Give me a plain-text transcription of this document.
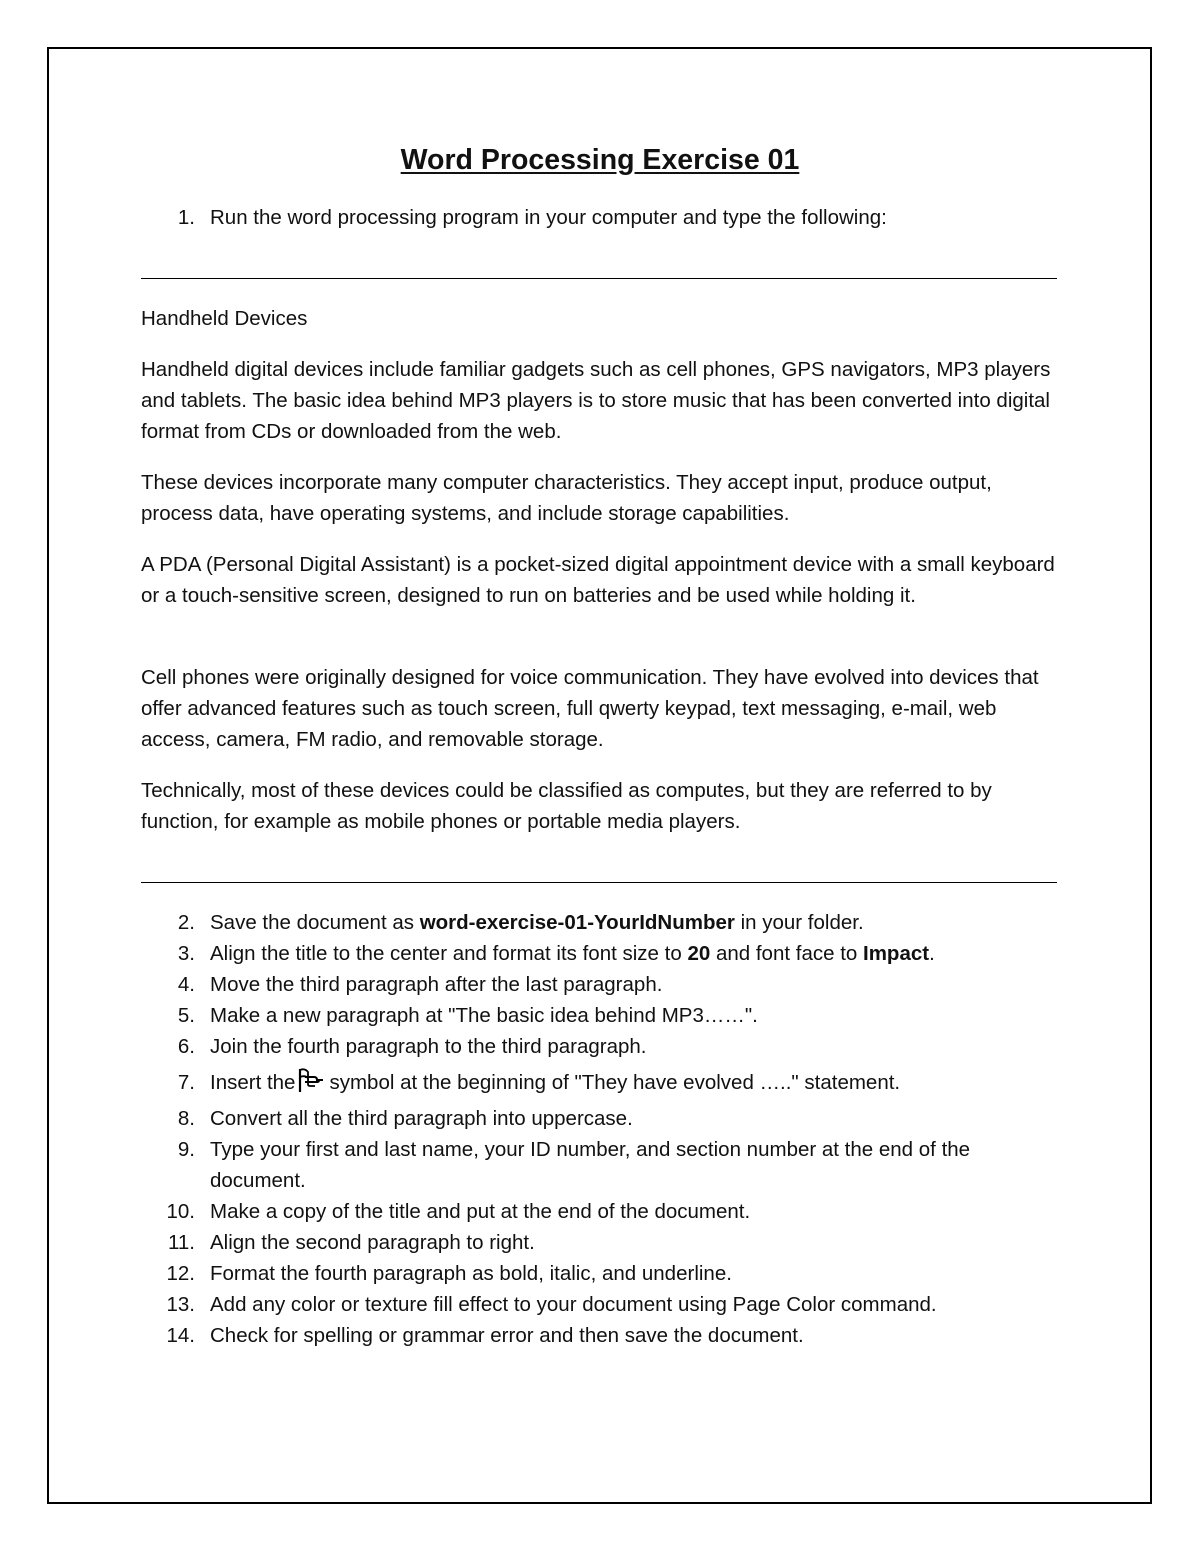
Word Processing Exercise 01
1. Run the word processing program in your computer and type the following:

Handheld Devices

Handheld digital devices include familiar gadgets such as cell phones, GPS navigators, MP3 players and tablets. The basic idea behind MP3 players is to store music that has been converted into digital format from CDs or downloaded from the web.

These devices incorporate many computer characteristics. They accept input, produce output, process data, have operating systems, and include storage capabilities.

A PDA (Personal Digital Assistant) is a pocket-sized digital appointment device with a small keyboard or a touch-sensitive screen, designed to run on batteries and be used while holding it.

Cell phones were originally designed for voice communication. They have evolved into devices that offer advanced features such as touch screen, full qwerty keypad, text messaging, e-mail, web access, camera, FM radio, and removable storage.

Technically, most of these devices could be classified as computes, but they are referred to by function, for example as mobile phones or portable media players.

2. Save the document as word-exercise-01-YourIdNumber in your folder.
3. Align the title to the center and format its font size to 20 and font face to Impact.
4. Move the third paragraph after the last paragraph.
5. Make a new paragraph at "The basic idea behind MP3……".
6. Join the fourth paragraph to the third paragraph.
7. Insert the symbol at the beginning of "They have evolved ….." statement.
8. Convert all the third paragraph into uppercase.
9. Type your first and last name, your ID number, and section number at the end of the document.
10. Make a copy of the title and put at the end of the document.
11. Align the second paragraph to right.
12. Format the fourth paragraph as bold, italic, and underline.
13. Add any color or texture fill effect to your document using Page Color command.
14. Check for spelling or grammar error and then save the document.
